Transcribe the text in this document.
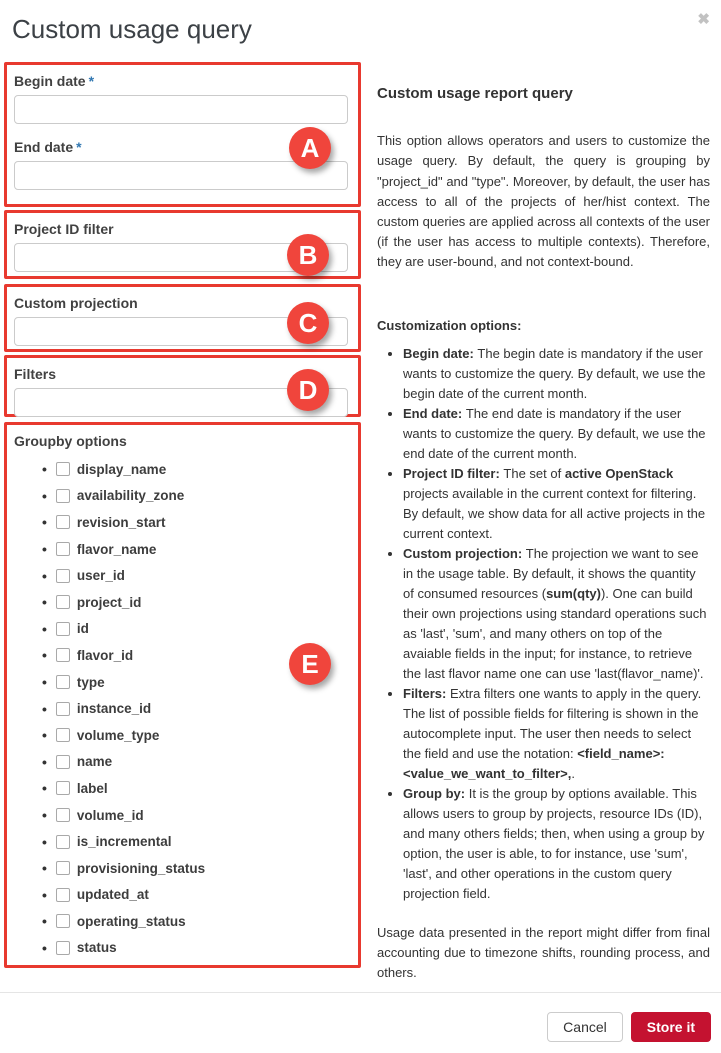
Custom usage query	✖
Begin date *
End date *	A
Project ID filter
B
Custom projection
C
Filters
D
Groupby options
• display_name
• availability_zone
• revision_start
• flavor_name
• user_id
• project_id
• id
• flavor_id
• type
• instance_id
• volume_type
• name
• label
• volume_id
• is_incremental
• provisioning_status
• updated_at
• operating_status
• status
E
Custom usage report query

This option allows operators and users to customize the usage query. By default, the query is grouping by "project_id" and "type". Moreover, by default, the user has access to all of the projects of her/hist context. The custom queries are applied across all contexts of the user (if the user has access to multiple contexts). Therefore, they are user-bound, and not context-bound.

Customization options:
• Begin date: The begin date is mandatory if the user wants to customize the query. By default, we use the begin date of the current month.
• End date: The end date is mandatory if the user wants to customize the query. By default, we use the end date of the current month.
• Project ID filter: The set of active OpenStack projects available in the current context for filtering. By default, we show data for all active projects in the current context.
• Custom projection: The projection we want to see in the usage table. By default, it shows the quantity of consumed resources (sum(qty)). One can build their own projections using standard operations such as 'last', 'sum', and many others on top of the avaiable fields in the input; for instance, to retrieve the last flavor name one can use 'last(flavor_name)'.
• Filters: Extra filters one wants to apply in the query. The list of possible fields for filtering is shown in the autocomplete input. The user then needs to select the field and use the notation: <field_name>:<value_we_want_to_filter>,.
• Group by: It is the group by options available. This allows users to group by projects, resource IDs (ID), and many others fields; then, when using a group by option, the user is able, to for instance, use 'sum', 'last', and other operations in the custom query projection field.

Usage data presented in the report might differ from final accounting due to timezone shifts, rounding process, and others.

Cancel	Store it
